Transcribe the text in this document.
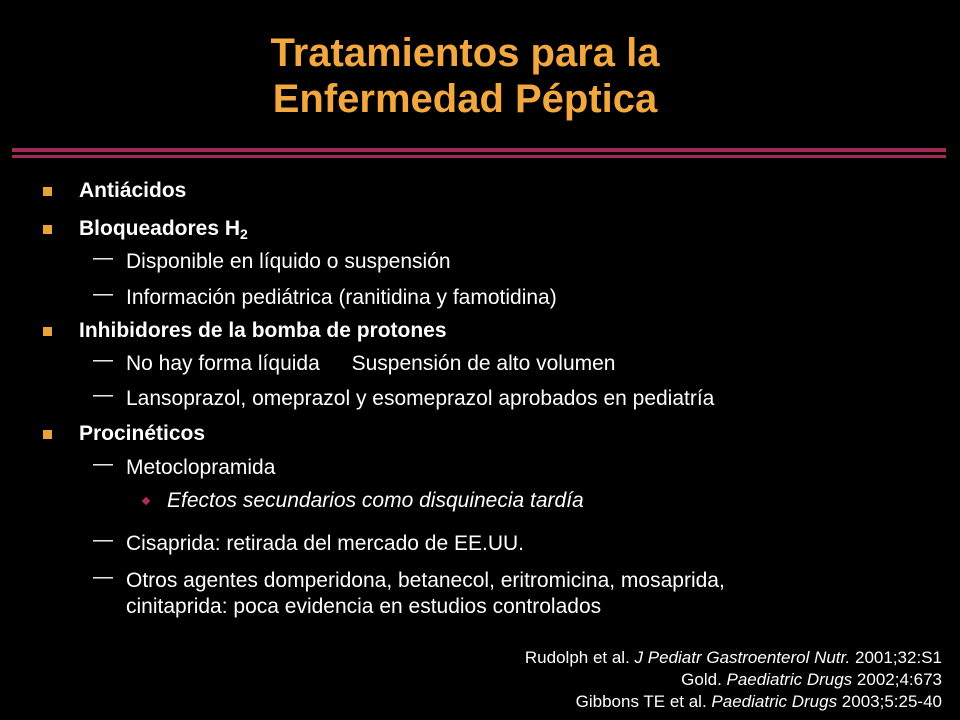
Tratamientos para la
Enfermedad Péptica
Antiácidos
Bloqueadores $H_2$
— Disponible en líquido o suspensión
— Información pediátrica (ranitidina y famotidina)
Inhibidores de la bomba de protones
— No hay forma líquida Suspensión de alto volumen
— Lansoprazol, omeprazol y esomeprazol aprobados en pediatría
Procinéticos
— Metoclopramida
Efectos secundarios como disquinecia tardía
— Cisaprida: retirada del mercado de EE.UU.
— Otros agentes domperidona, betanecol, eritromicina, mosaprida,
cinitaprida: poca evidencia en estudios controlados
Rudolph et al. J Pediatr Gastroenterol Nutr. 2001;32:S1
Gold. Paediatric Drugs 2002;4:673
Gibbons TE et al. Paediatric Drugs 2003;5:25-40
